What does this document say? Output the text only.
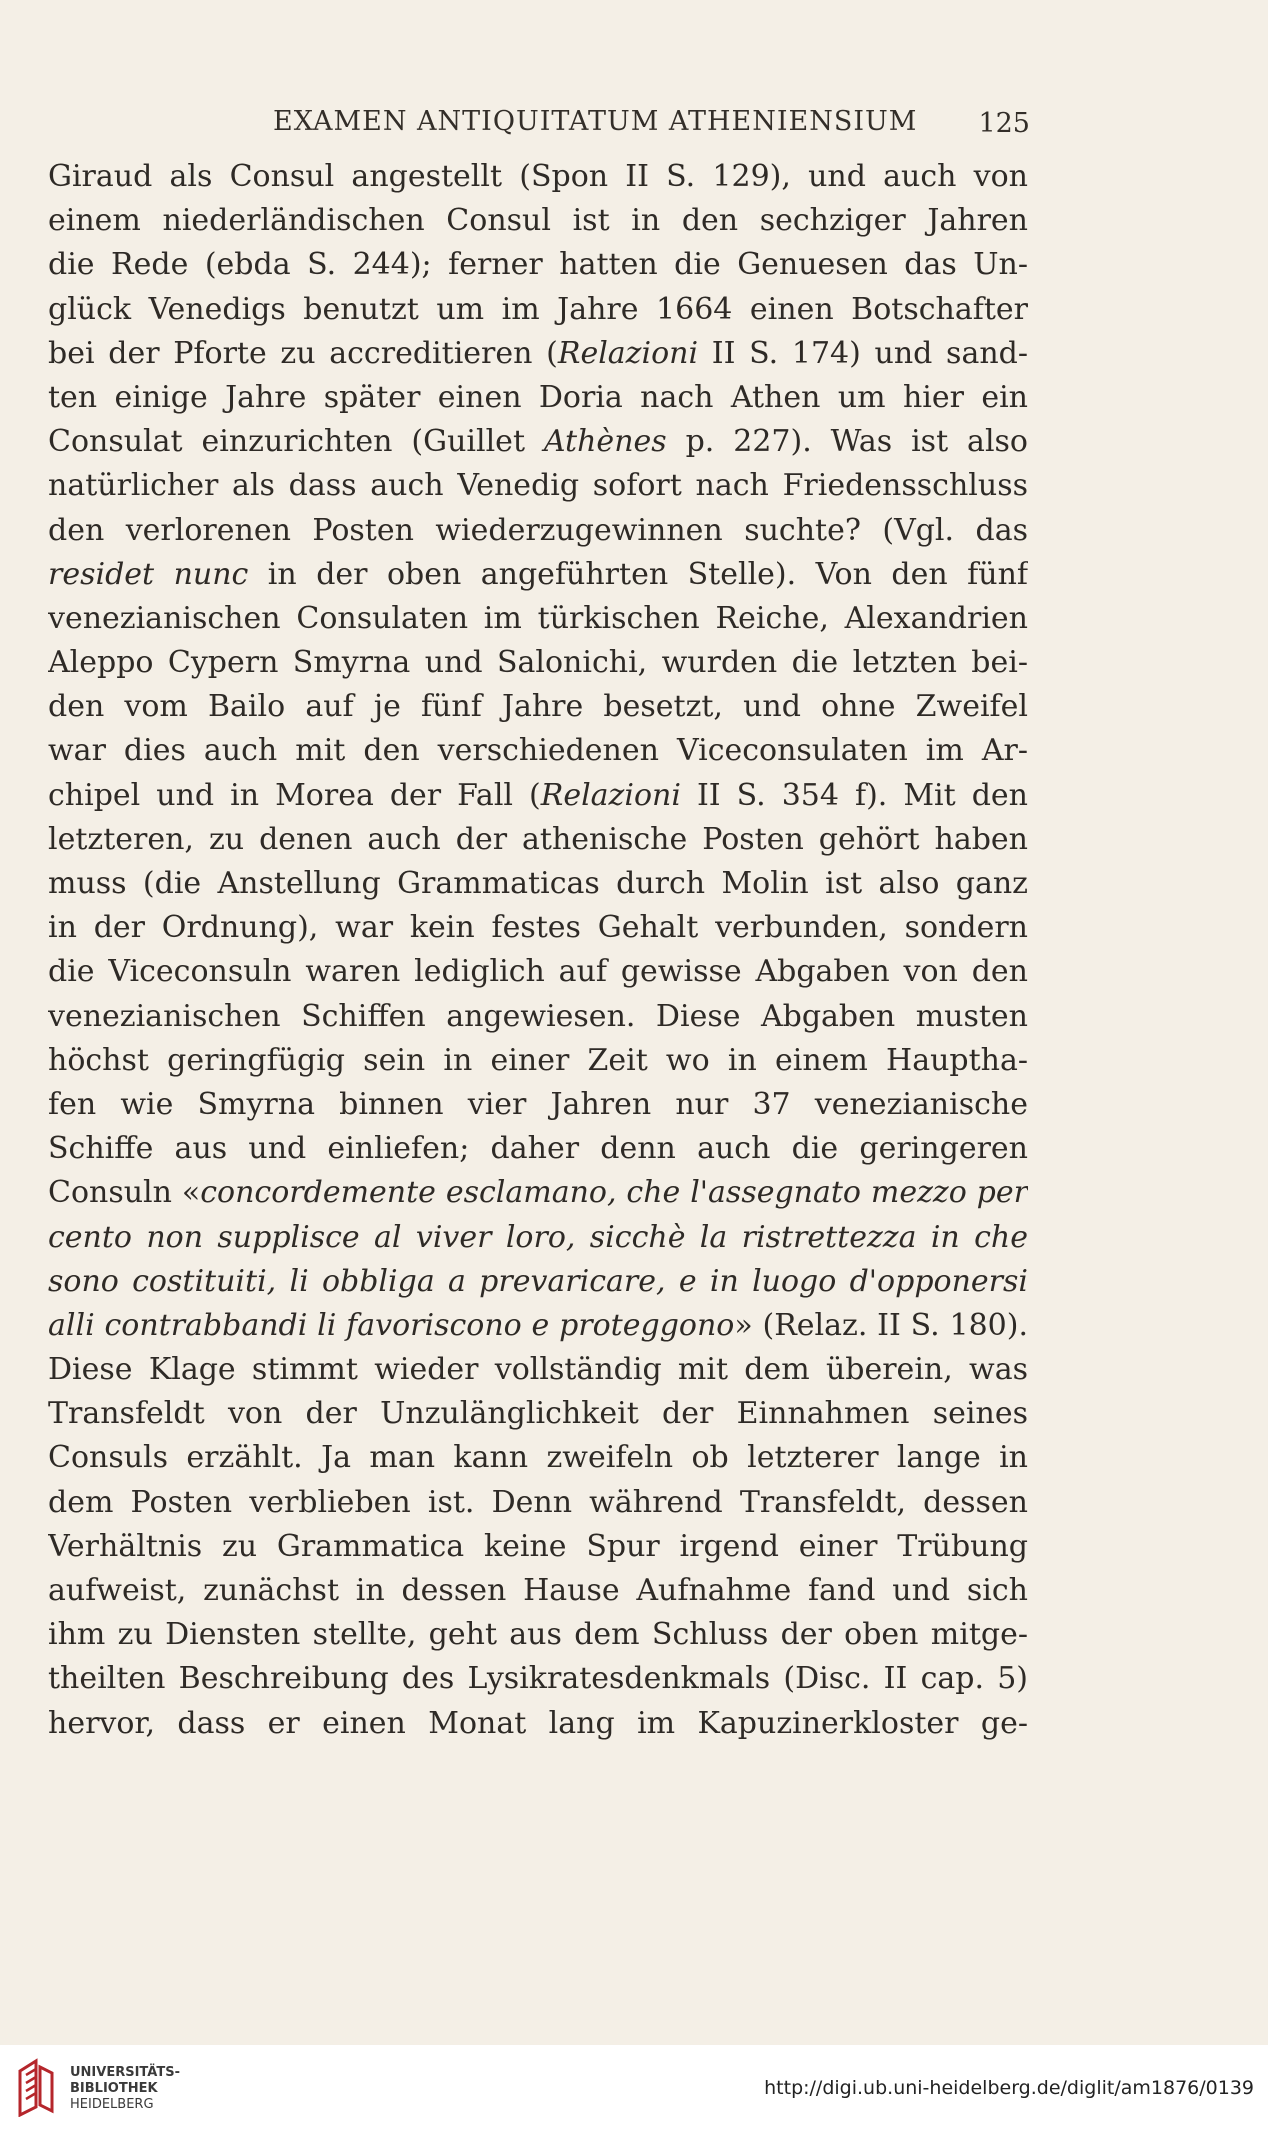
EXAMEN ANTIQUITATUM ATHENIENSIUM 125
Giraud als Consul angestellt (Spon II S. 129), und auch von
einem niederländischen Consul ist in den sechziger Jahren
die Rede (ebda S. 244); ferner hatten die Genuesen das Un-
glück Venedigs benutzt um im Jahre 1664 einen Botschafter
bei der Pforte zu accreditieren (Relazioni II S. 174) und sand-
ten einige Jahre später einen Doria nach Athen um hier ein
Consulat einzurichten (Guillet Athènes p. 227). Was ist also
natürlicher als dass auch Venedig sofort nach Friedensschluss
den verlorenen Posten wiederzugewinnen suchte? (Vgl. das
residet nunc in der oben angeführten Stelle). Von den fünf
venezianischen Consulaten im türkischen Reiche, Alexandrien
Aleppo Cypern Smyrna und Salonichi, wurden die letzten bei-
den vom Bailo auf je fünf Jahre besetzt, und ohne Zweifel
war dies auch mit den verschiedenen Viceconsulaten im Ar-
chipel und in Morea der Fall (Relazioni II S. 354 f). Mit den
letzteren, zu denen auch der athenische Posten gehört haben
muss (die Anstellung Grammaticas durch Molin ist also ganz
in der Ordnung), war kein festes Gehalt verbunden, sondern
die Viceconsuln waren lediglich auf gewisse Abgaben von den
venezianischen Schiffen angewiesen. Diese Abgaben musten
höchst geringfügig sein in einer Zeit wo in einem Hauptha-
fen wie Smyrna binnen vier Jahren nur 37 venezianische
Schiffe aus und einliefen; daher denn auch die geringeren
Consuln «concordemente esclamano, che l'assegnato mezzo per
cento non supplisce al viver loro, sicchè la ristrettezza in che
sono costituiti, li obbliga a prevaricare, e in luogo d'opponersi
alli contrabbandi li favoriscono e proteggono» (Relaz. II S. 180).
Diese Klage stimmt wieder vollständig mit dem überein, was
Transfeldt von der Unzulänglichkeit der Einnahmen seines
Consuls erzählt. Ja man kann zweifeln ob letzterer lange in
dem Posten verblieben ist. Denn während Transfeldt, dessen
Verhältnis zu Grammatica keine Spur irgend einer Trübung
aufweist, zunächst in dessen Hause Aufnahme fand und sich
ihm zu Diensten stellte, geht aus dem Schluss der oben mitge-
theilten Beschreibung des Lysikratesdenkmals (Disc. II cap. 5)
hervor, dass er einen Monat lang im Kapuzinerkloster ge-
UNIVERSITÄTS-
BIBLIOTHEK
HEIDELBERG
http://digi.ub.uni-heidelberg.de/diglit/am1876/0139
